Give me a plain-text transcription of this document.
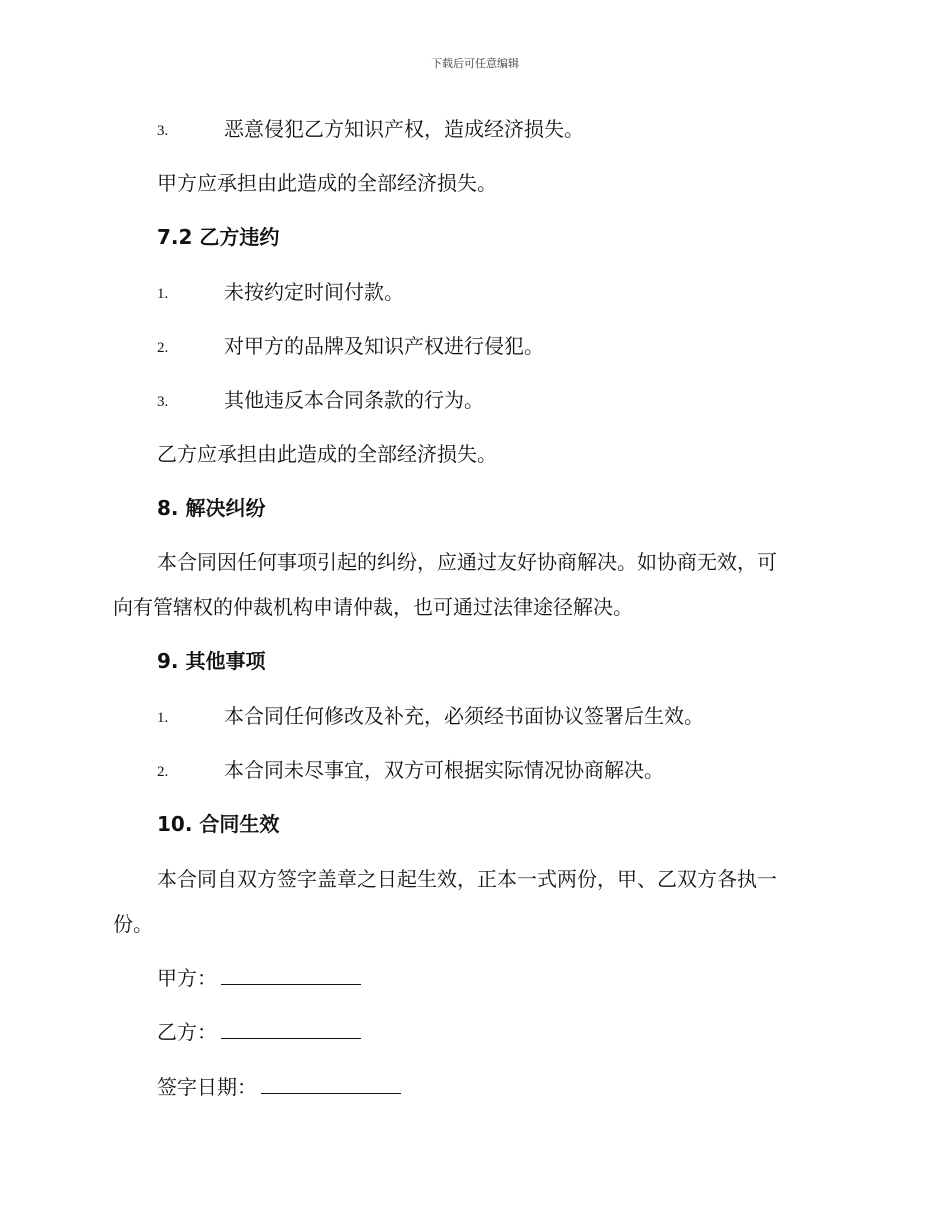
下载后可任意编辑
3.	恶意侵犯乙方知识产权，造成经济损失。
甲方应承担由此造成的全部经济损失。
7.2 乙方违约
1.	未按约定时间付款。
2.	对甲方的品牌及知识产权进行侵犯。
3.	其他违反本合同条款的行为。
乙方应承担由此造成的全部经济损失。
8. 解决纠纷
本合同因任何事项引起的纠纷，应通过友好协商解决。如协商无效，可
向有管辖权的仲裁机构申请仲裁，也可通过法律途径解决。
9. 其他事项
1.	本合同任何修改及补充，必须经书面协议签署后生效。
2.	本合同未尽事宜，双方可根据实际情况协商解决。
10. 合同生效
本合同自双方签字盖章之日起生效，正本一式两份，甲、乙双方各执一
份。
甲方：
乙方：
签字日期：
